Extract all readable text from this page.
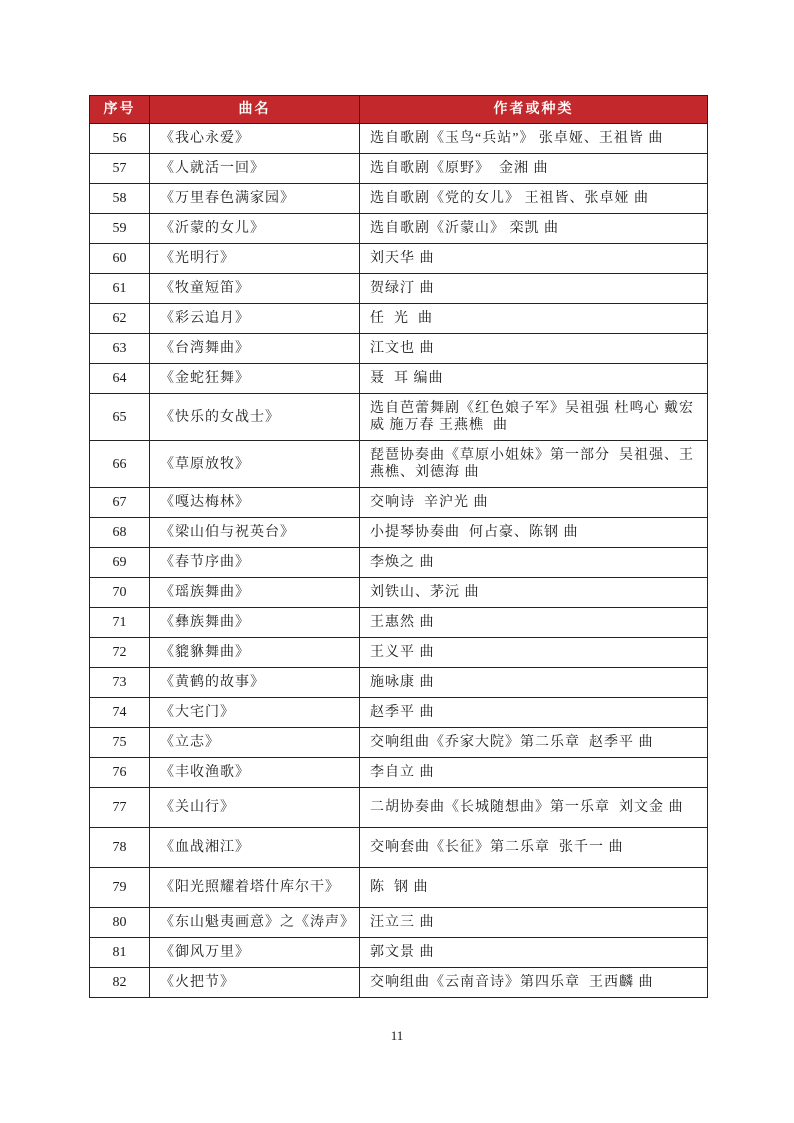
序号	曲名	作者或种类
56	《我心永爱》	选自歌剧《玉鸟“兵站”》 张卓娅、王祖皆 曲
57	《人就活一回》	选自歌剧《原野》  金湘 曲
58	《万里春色满家园》	选自歌剧《党的女儿》 王祖皆、张卓娅 曲
59	《沂蒙的女儿》	选自歌剧《沂蒙山》 栾凯 曲
60	《光明行》	刘天华 曲
61	《牧童短笛》	贺绿汀 曲
62	《彩云追月》	任  光  曲
63	《台湾舞曲》	江文也 曲
64	《金蛇狂舞》	聂  耳 编曲
65	《快乐的女战士》	选自芭蕾舞剧《红色娘子军》吴祖强 杜鸣心 戴宏威 施万春 王燕樵  曲
66	《草原放牧》	琵琶协奏曲《草原小姐妹》第一部分  吴祖强、王燕樵、刘德海 曲
67	《嘎达梅林》	交响诗  辛沪光 曲
68	《梁山伯与祝英台》	小提琴协奏曲  何占豪、陈钢 曲
69	《春节序曲》	李焕之 曲
70	《瑶族舞曲》	刘铁山、茅沅 曲
71	《彝族舞曲》	王惠然 曲
72	《貔貅舞曲》	王义平 曲
73	《黄鹤的故事》	施咏康 曲
74	《大宅门》	赵季平 曲
75	《立志》	交响组曲《乔家大院》第二乐章  赵季平 曲
76	《丰收渔歌》	李自立 曲
77	《关山行》	二胡协奏曲《长城随想曲》第一乐章  刘文金 曲
78	《血战湘江》	交响套曲《长征》第二乐章  张千一 曲
79	《阳光照耀着塔什库尔干》	陈  钢 曲
80	《东山魁夷画意》之《涛声》	汪立三 曲
81	《御风万里》	郭文景 曲
82	《火把节》	交响组曲《云南音诗》第四乐章  王西麟 曲
11
